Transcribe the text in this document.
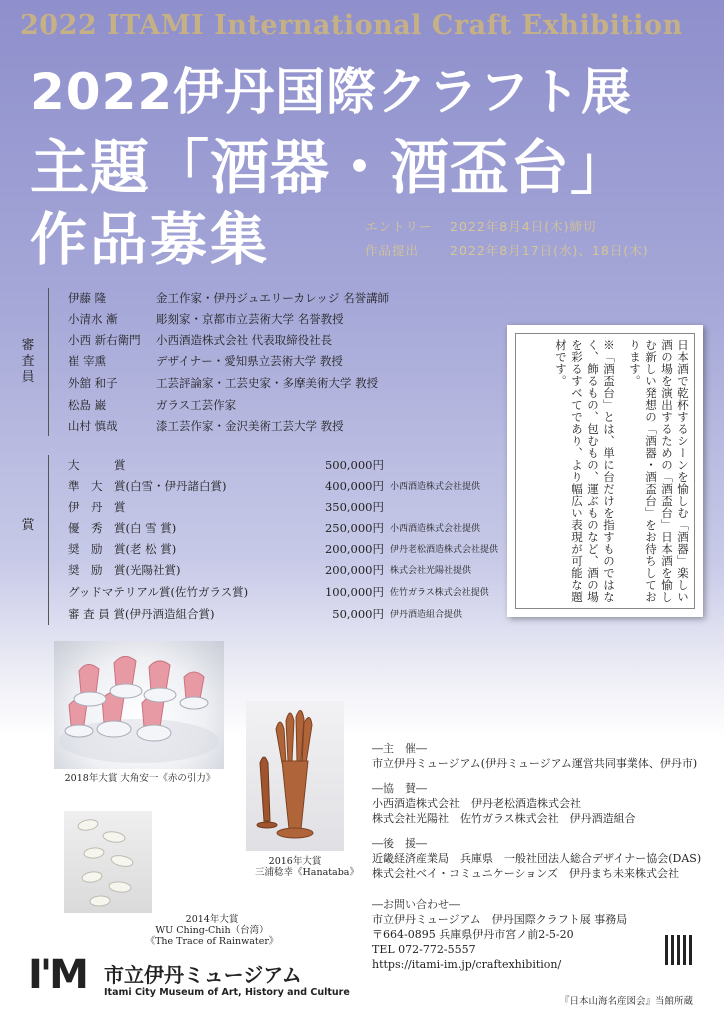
2022 ITAMI International Craft Exhibition
2022伊丹国際クラフト展
主題「酒器・酒盃台」
作品募集	エントリー 2022年8月4日(木)締切
作品提出 2022年8月17日(水)、18日(木)
審査員
伊藤 隆	金工作家・伊丹ジュエリーカレッジ 名誉講師
小清水 漸	彫刻家・京都市立芸術大学 名誉教授
小西 新右衛門 小西酒造株式会社 代表取締役社長
崔 宰熏	デザイナー・愛知県立芸術大学 教授
外舘 和子	工芸評論家・工芸史家・多摩美術大学 教授
松島 巌	ガラス工芸作家
山村 慎哉	漆工芸作家・金沢美術工芸大学 教授
賞
大　　　賞	500,000円
準　大　賞(白雪・伊丹諸白賞)	400,000円 小西酒造株式会社提供
伊　丹　賞	350,000円
優　秀　賞(白 雪 賞)	250,000円 小西酒造株式会社提供
奨　励　賞(老 松 賞)	200,000円 伊丹老松酒造株式会社提供
奨　励　賞(光陽社賞)	200,000円 株式会社光陽社提供
グッドマテリアル賞(佐竹ガラス賞)	100,000円 佐竹ガラス株式会社提供
審 査 員 賞(伊丹酒造組合賞)	50,000円 伊丹酒造組合提供

日本酒で乾杯するシーンを愉しむ「酒器」楽しい酒の場を演出するための「酒盃台」日本酒を愉しむ新しい発想の「酒器・酒盃台」をお待ちしております。

※「酒盃台」とは、単に台だけを指すものではなく、飾るもの、包むもの、運ぶものなど、酒の場を彩るすべてであり、より幅広い表現が可能な題材です。

2018年大賞 大角安一《赤の引力》
2016年大賞
三浦稔幸《Hanataba》
2014年大賞
WU Ching-Chih（台湾）
《The Trace of Rainwater》
―主　催―
市立伊丹ミュージアム(伊丹ミュージアム運営共同事業体、伊丹市)
―協　賛―
小西酒造株式会社　伊丹老松酒造株式会社
株式会社光陽社　佐竹ガラス株式会社　伊丹酒造組合
―後　援―
近畿経済産業局　兵庫県　一般社団法人総合デザイナー協会(DAS)
株式会社ベイ・コミュニケーションズ　伊丹まち未来株式会社
―お問い合わせ―
市立伊丹ミュージアム　伊丹国際クラフト展 事務局
〒664-0895 兵庫県伊丹市宮ノ前2-5-20
TEL 072-772-5557
https://itami-im.jp/craftexhibition/
『日本山海名産図会』当館所蔵
I'M 市立伊丹ミュージアム
Itami City Museum of Art, History and Culture
